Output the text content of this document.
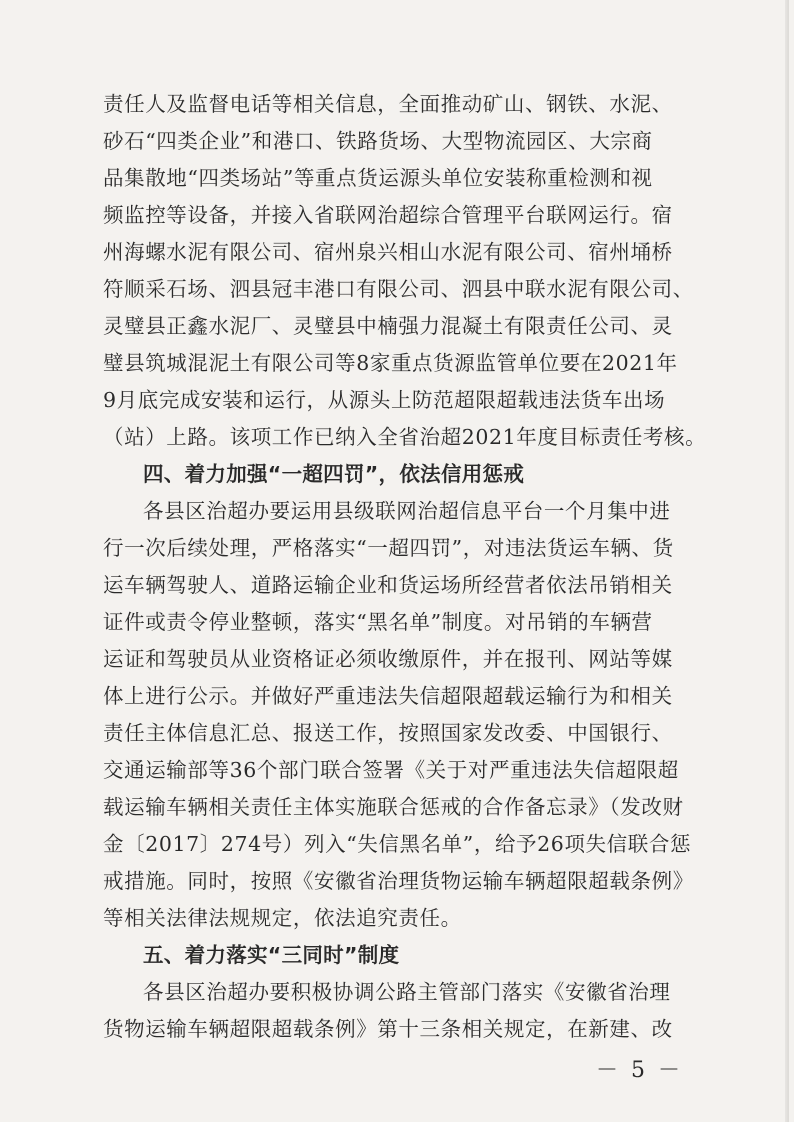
责任人及监督电话等相关信息，全面推动矿山、钢铁、水泥、
砂石“四类企业”和港口、铁路货场、大型物流园区、大宗商
品集散地“四类场站”等重点货运源头单位安装称重检测和视
频监控等设备，并接入省联网治超综合管理平台联网运行。宿
州海螺水泥有限公司、宿州泉兴相山水泥有限公司、宿州埇桥
符顺采石场、泗县冠丰港口有限公司、泗县中联水泥有限公司、
灵璧县正鑫水泥厂、灵璧县中楠强力混凝土有限责任公司、灵
璧县筑城混泥土有限公司等8家重点货源监管单位要在2021年
9月底完成安装和运行，从源头上防范超限超载违法货车出场
（站）上路。该项工作已纳入全省治超2021年度目标责任考核。
四、着力加强“一超四罚”，依法信用惩戒
各县区治超办要运用县级联网治超信息平台一个月集中进
行一次后续处理，严格落实“一超四罚”，对违法货运车辆、货
运车辆驾驶人、道路运输企业和货运场所经营者依法吊销相关
证件或责令停业整顿，落实“黑名单”制度。对吊销的车辆营
运证和驾驶员从业资格证必须收缴原件，并在报刊、网站等媒
体上进行公示。并做好严重违法失信超限超载运输行为和相关
责任主体信息汇总、报送工作，按照国家发改委、中国银行、
交通运输部等36个部门联合签署《关于对严重违法失信超限超
载运输车辆相关责任主体实施联合惩戒的合作备忘录》（发改财
金〔2017〕274号）列入“失信黑名单”，给予26项失信联合惩
戒措施。同时，按照《安徽省治理货物运输车辆超限超载条例》
等相关法律法规规定，依法追究责任。
五、着力落实“三同时”制度
各县区治超办要积极协调公路主管部门落实《安徽省治理
货物运输车辆超限超载条例》第十三条相关规定，在新建、改
－ 5 －
